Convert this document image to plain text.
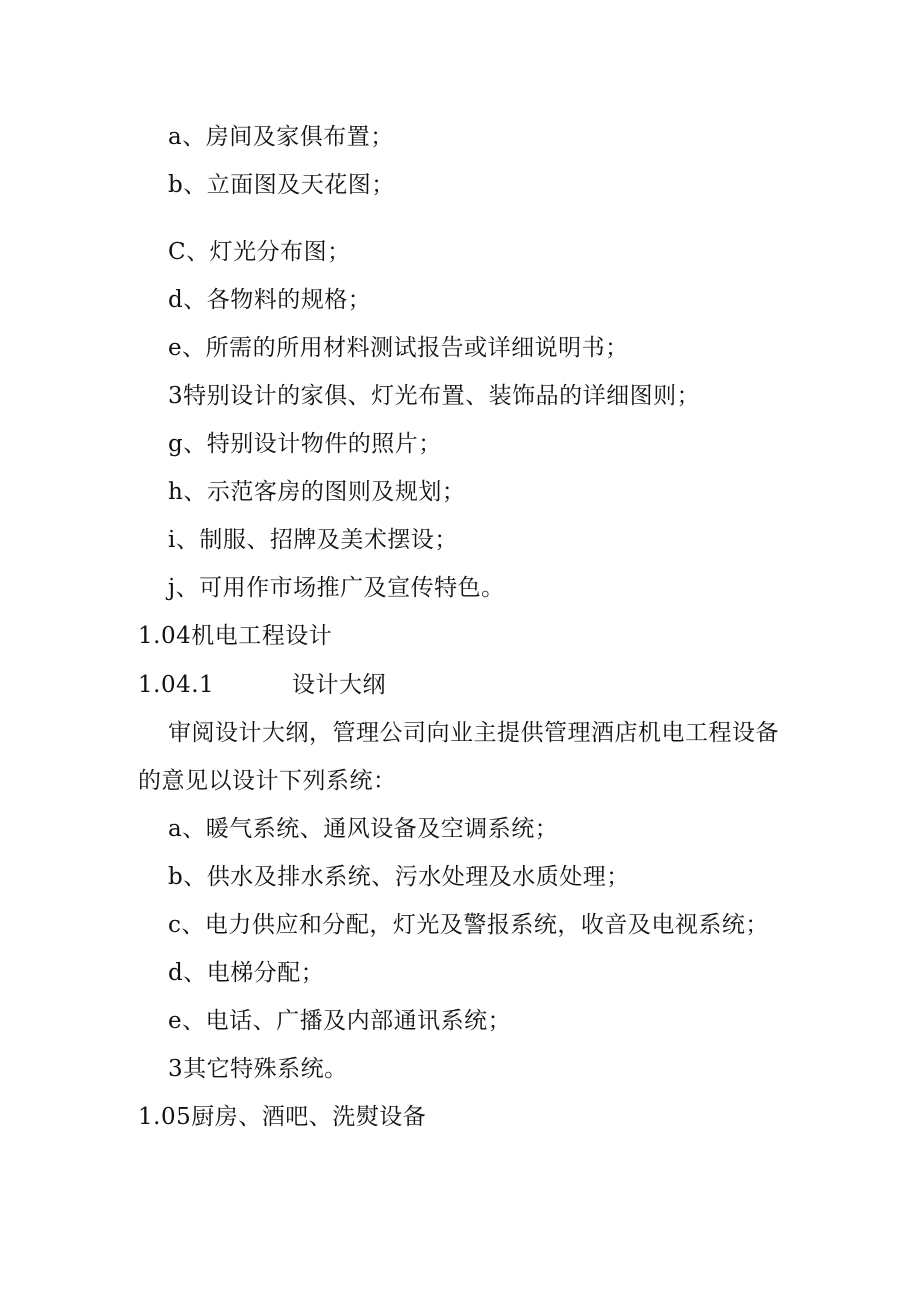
a、房间及家俱布置；
b、立面图及天花图；
C、灯光分布图；
d、各物料的规格；
e、所需的所用材料测试报告或详细说明书；
3特别设计的家俱、灯光布置、装饰品的详细图则；
g、特别设计物件的照片；
h、示范客房的图则及规划；
i、制服、招牌及美术摆设；
j、可用作市场推广及宣传特色。
1.04机电工程设计
1.04.1	设计大纲
审阅设计大纲，管理公司向业主提供管理酒店机电工程设备
的意见以设计下列系统：
a、暖气系统、通风设备及空调系统；
b、供水及排水系统、污水处理及水质处理；
c、电力供应和分配，灯光及警报系统，收音及电视系统；
d、电梯分配；
e、电话、广播及内部通讯系统；
3其它特殊系统。
1.05厨房、酒吧、洗熨设备
